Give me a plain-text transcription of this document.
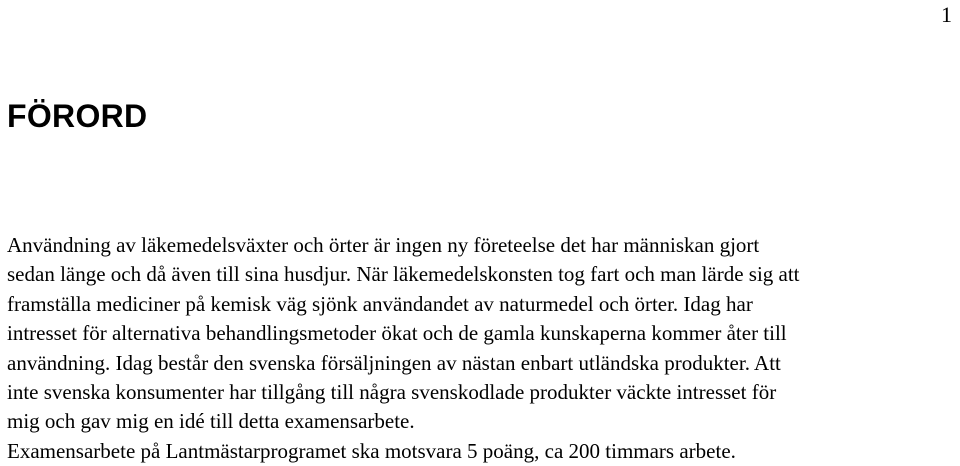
1
FÖRORD
Användning av läkemedelsväxter och örter är ingen ny företeelse det har människan gjort
sedan länge och då även till sina husdjur. När läkemedelskonsten tog fart och man lärde sig att
framställa mediciner på kemisk väg sjönk användandet av naturmedel och örter. Idag har
intresset för alternativa behandlingsmetoder ökat och de gamla kunskaperna kommer åter till
användning. Idag består den svenska försäljningen av nästan enbart utländska produkter. Att
inte svenska konsumenter har tillgång till några svenskodlade produkter väckte intresset för
mig och gav mig en idé till detta examensarbete.
Examensarbete på Lantmästarprogramet ska motsvara 5 poäng, ca 200 timmars arbete.
